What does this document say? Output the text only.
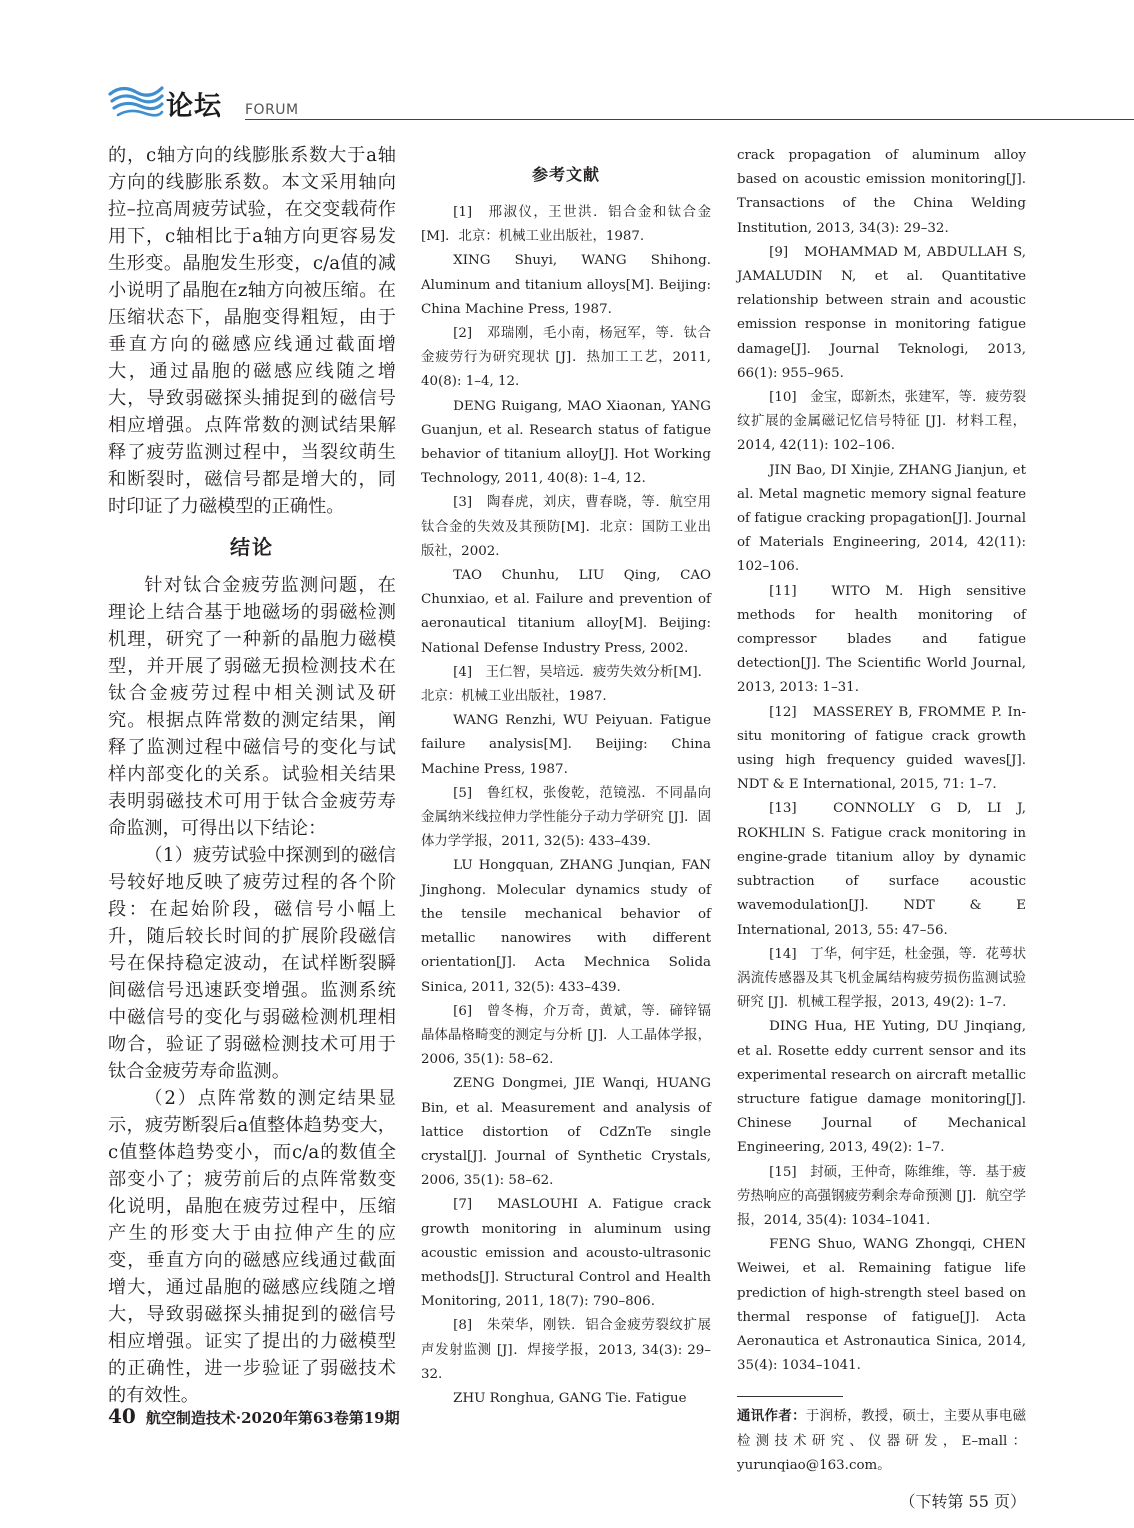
论坛 FORUM

的，c轴方向的线膨胀系数大于a轴方向的线膨胀系数。本文采用轴向拉–拉高周疲劳试验，在交变载荷作用下，c轴相比于a轴方向更容易发生形变。晶胞发生形变，c/a值的减小说明了晶胞在z轴方向被压缩。在压缩状态下，晶胞变得粗短，由于垂直方向的磁感应线通过截面增大，通过晶胞的磁感应线随之增大，导致弱磁探头捕捉到的磁信号相应增强。点阵常数的测试结果解释了疲劳监测过程中，当裂纹萌生和断裂时，磁信号都是增大的，同时印证了力磁模型的正确性。

结论

针对钛合金疲劳监测问题，在理论上结合基于地磁场的弱磁检测机理，研究了一种新的晶胞力磁模型，并开展了弱磁无损检测技术在钛合金疲劳过程中相关测试及研究。根据点阵常数的测定结果，阐释了监测过程中磁信号的变化与试样内部变化的关系。试验相关结果表明弱磁技术可用于钛合金疲劳寿命监测，可得出以下结论：

（1）疲劳试验中探测到的磁信号较好地反映了疲劳过程的各个阶段：在起始阶段，磁信号小幅上升，随后较长时间的扩展阶段磁信号在保持稳定波动，在试样断裂瞬间磁信号迅速跃变增强。监测系统中磁信号的变化与弱磁检测机理相吻合，验证了弱磁检测技术可用于钛合金疲劳寿命监测。

（2）点阵常数的测定结果显示，疲劳断裂后a值整体趋势变大，c值整体趋势变小，而c/a的数值全部变小了；疲劳前后的点阵常数变化说明，晶胞在疲劳过程中，压缩产生的形变大于由拉伸产生的应变，垂直方向的磁感应线通过截面增大，通过晶胞的磁感应线随之增大，导致弱磁探头捕捉到的磁信号相应增强。证实了提出的力磁模型的正确性，进一步验证了弱磁技术的有效性。

参考文献

[1]　邢淑仪，王世洪．铝合金和钛合金[M]．北京：机械工业出版社，1987.

XING Shuyi, WANG Shihong. Aluminum and titanium alloys[M]. Beijing: China Machine Press, 1987.

[2]　邓瑞刚，毛小南，杨冠军，等．钛合金疲劳行为研究现状 [J]．热加工工艺，2011, 40(8): 1–4, 12.

DENG Ruigang, MAO Xiaonan, YANG Guanjun, et al. Research status of fatigue behavior of titanium alloy[J]. Hot Working Technology, 2011, 40(8): 1–4, 12.

[3]　陶春虎，刘庆，曹春晓，等．航空用钛合金的失效及其预防[M]．北京：国防工业出版社，2002.

TAO Chunhu, LIU Qing, CAO Chunxiao, et al. Failure and prevention of aeronautical titanium alloy[M]. Beijing: National Defense Industry Press, 2002.

[4]　王仁智，吴培远．疲劳失效分析[M]．北京：机械工业出版社，1987.

WANG Renzhi, WU Peiyuan. Fatigue failure analysis[M]. Beijing: China Machine Press, 1987.

[5]　鲁红权，张俊乾，范镜泓．不同晶向金属纳米线拉伸力学性能分子动力学研究 [J]．固体力学学报，2011, 32(5): 433–439.

LU Hongquan, ZHANG Junqian, FAN Jinghong. Molecular dynamics study of the tensile mechanical behavior of metallic nanowires with different orientation[J]. Acta Mechnica Solida Sinica, 2011, 32(5): 433–439.

[6]　曾冬梅，介万奇，黄斌，等．碲锌镉晶体晶格畸变的测定与分析 [J]．人工晶体学报，2006, 35(1): 58–62.

ZENG Dongmei, JIE Wanqi, HUANG Bin, et al. Measurement and analysis of lattice distortion of CdZnTe single crystal[J]. Journal of Synthetic Crystals, 2006, 35(1): 58–62.

[7]　MASLOUHI A. Fatigue crack growth monitoring in aluminum using acoustic emission and acousto-ultrasonic methods[J]. Structural Control and Health Monitoring, 2011, 18(7): 790–806.

[8]　朱荣华，刚铁．铝合金疲劳裂纹扩展声发射监测 [J]．焊接学报，2013, 34(3): 29–32.

ZHU Ronghua, GANG Tie. Fatigue

crack propagation of aluminum alloy based on acoustic emission monitoring[J]. Transactions of the China Welding Institution, 2013, 34(3): 29–32.

[9]　MOHAMMAD M, ABDULLAH S, JAMALUDIN N, et al. Quantitative relationship between strain and acoustic emission response in monitoring fatigue damage[J]. Journal Teknologi, 2013, 66(1): 955–965.

[10]　金宝，邸新杰，张建军，等．疲劳裂纹扩展的金属磁记忆信号特征 [J]．材料工程，2014, 42(11): 102–106.

JIN Bao, DI Xinjie, ZHANG Jianjun, et al. Metal magnetic memory signal feature of fatigue cracking propagation[J]. Journal of Materials Engineering, 2014, 42(11): 102–106.

[11]　WITO M. High sensitive methods for health monitoring of compressor blades and fatigue detection[J]. The Scientific World Journal, 2013, 2013: 1–31.

[12]　MASSEREY B, FROMME P. In-situ monitoring of fatigue crack growth using high frequency guided waves[J]. NDT & E International, 2015, 71: 1–7.

[13]　CONNOLLY G D, LI J, ROKHLIN S. Fatigue crack monitoring in engine-grade titanium alloy by dynamic subtraction of surface acoustic wavemodulation[J]. NDT & E International, 2013, 55: 47–56.

[14]　丁华，何宇廷，杜金强，等．花萼状涡流传感器及其飞机金属结构疲劳损伤监测试验研究 [J]．机械工程学报，2013, 49(2): 1–7.

DING Hua, HE Yuting, DU Jinqiang, et al. Rosette eddy current sensor and its experimental research on aircraft metallic structure fatigue damage monitoring[J]. Chinese Journal of Mechanical Engineering, 2013, 49(2): 1–7.

[15]　封硕，王仲奇，陈维维，等．基于疲劳热响应的高强钢疲劳剩余寿命预测 [J]．航空学报，2014, 35(4): 1034–1041.

FENG Shuo, WANG Zhongqi, CHEN Weiwei, et al. Remaining fatigue life prediction of high-strength steel based on thermal response of fatigue[J]. Acta Aeronautica et Astronautica Sinica, 2014, 35(4): 1034–1041.

通讯作者：于润桥，教授，硕士，主要从事电磁检测技术研究、仪器研发，E–mall：yurunqiao@163.com。
（下转第 55 页）
40 航空制造技术·2020年第63卷第19期
